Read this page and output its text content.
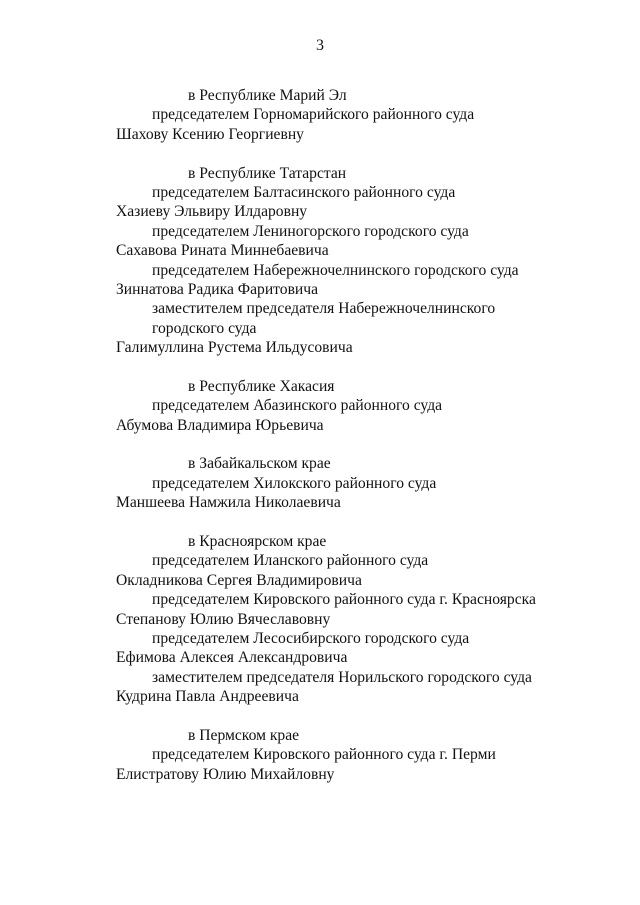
3
в Республике Марий Эл
председателем Горномарийского районного суда
Шахову Ксению Георгиевну
в Республике Татарстан
председателем Балтасинского районного суда
Хазиеву Эльвиру Илдаровну
председателем Лениногорского городского суда
Сахавова Рината Миннебаевича
председателем Набережночелнинского городского суда
Зиннатова Радика Фаритовича
заместителем председателя Набережночелнинского
городского суда
Галимуллина Рустема Ильдусовича
в Республике Хакасия
председателем Абазинского районного суда
Абумова Владимира Юрьевича
в Забайкальском крае
председателем Хилокского районного суда
Маншеева Намжила Николаевича
в Красноярском крае
председателем Иланского районного суда
Окладникова Сергея Владимировича
председателем Кировского районного суда г. Красноярска
Степанову Юлию Вячеславовну
председателем Лесосибирского городского суда
Ефимова Алексея Александровича
заместителем председателя Норильского городского суда
Кудрина Павла Андреевича
в Пермском крае
председателем Кировского районного суда г. Перми
Елистратову Юлию Михайловну
